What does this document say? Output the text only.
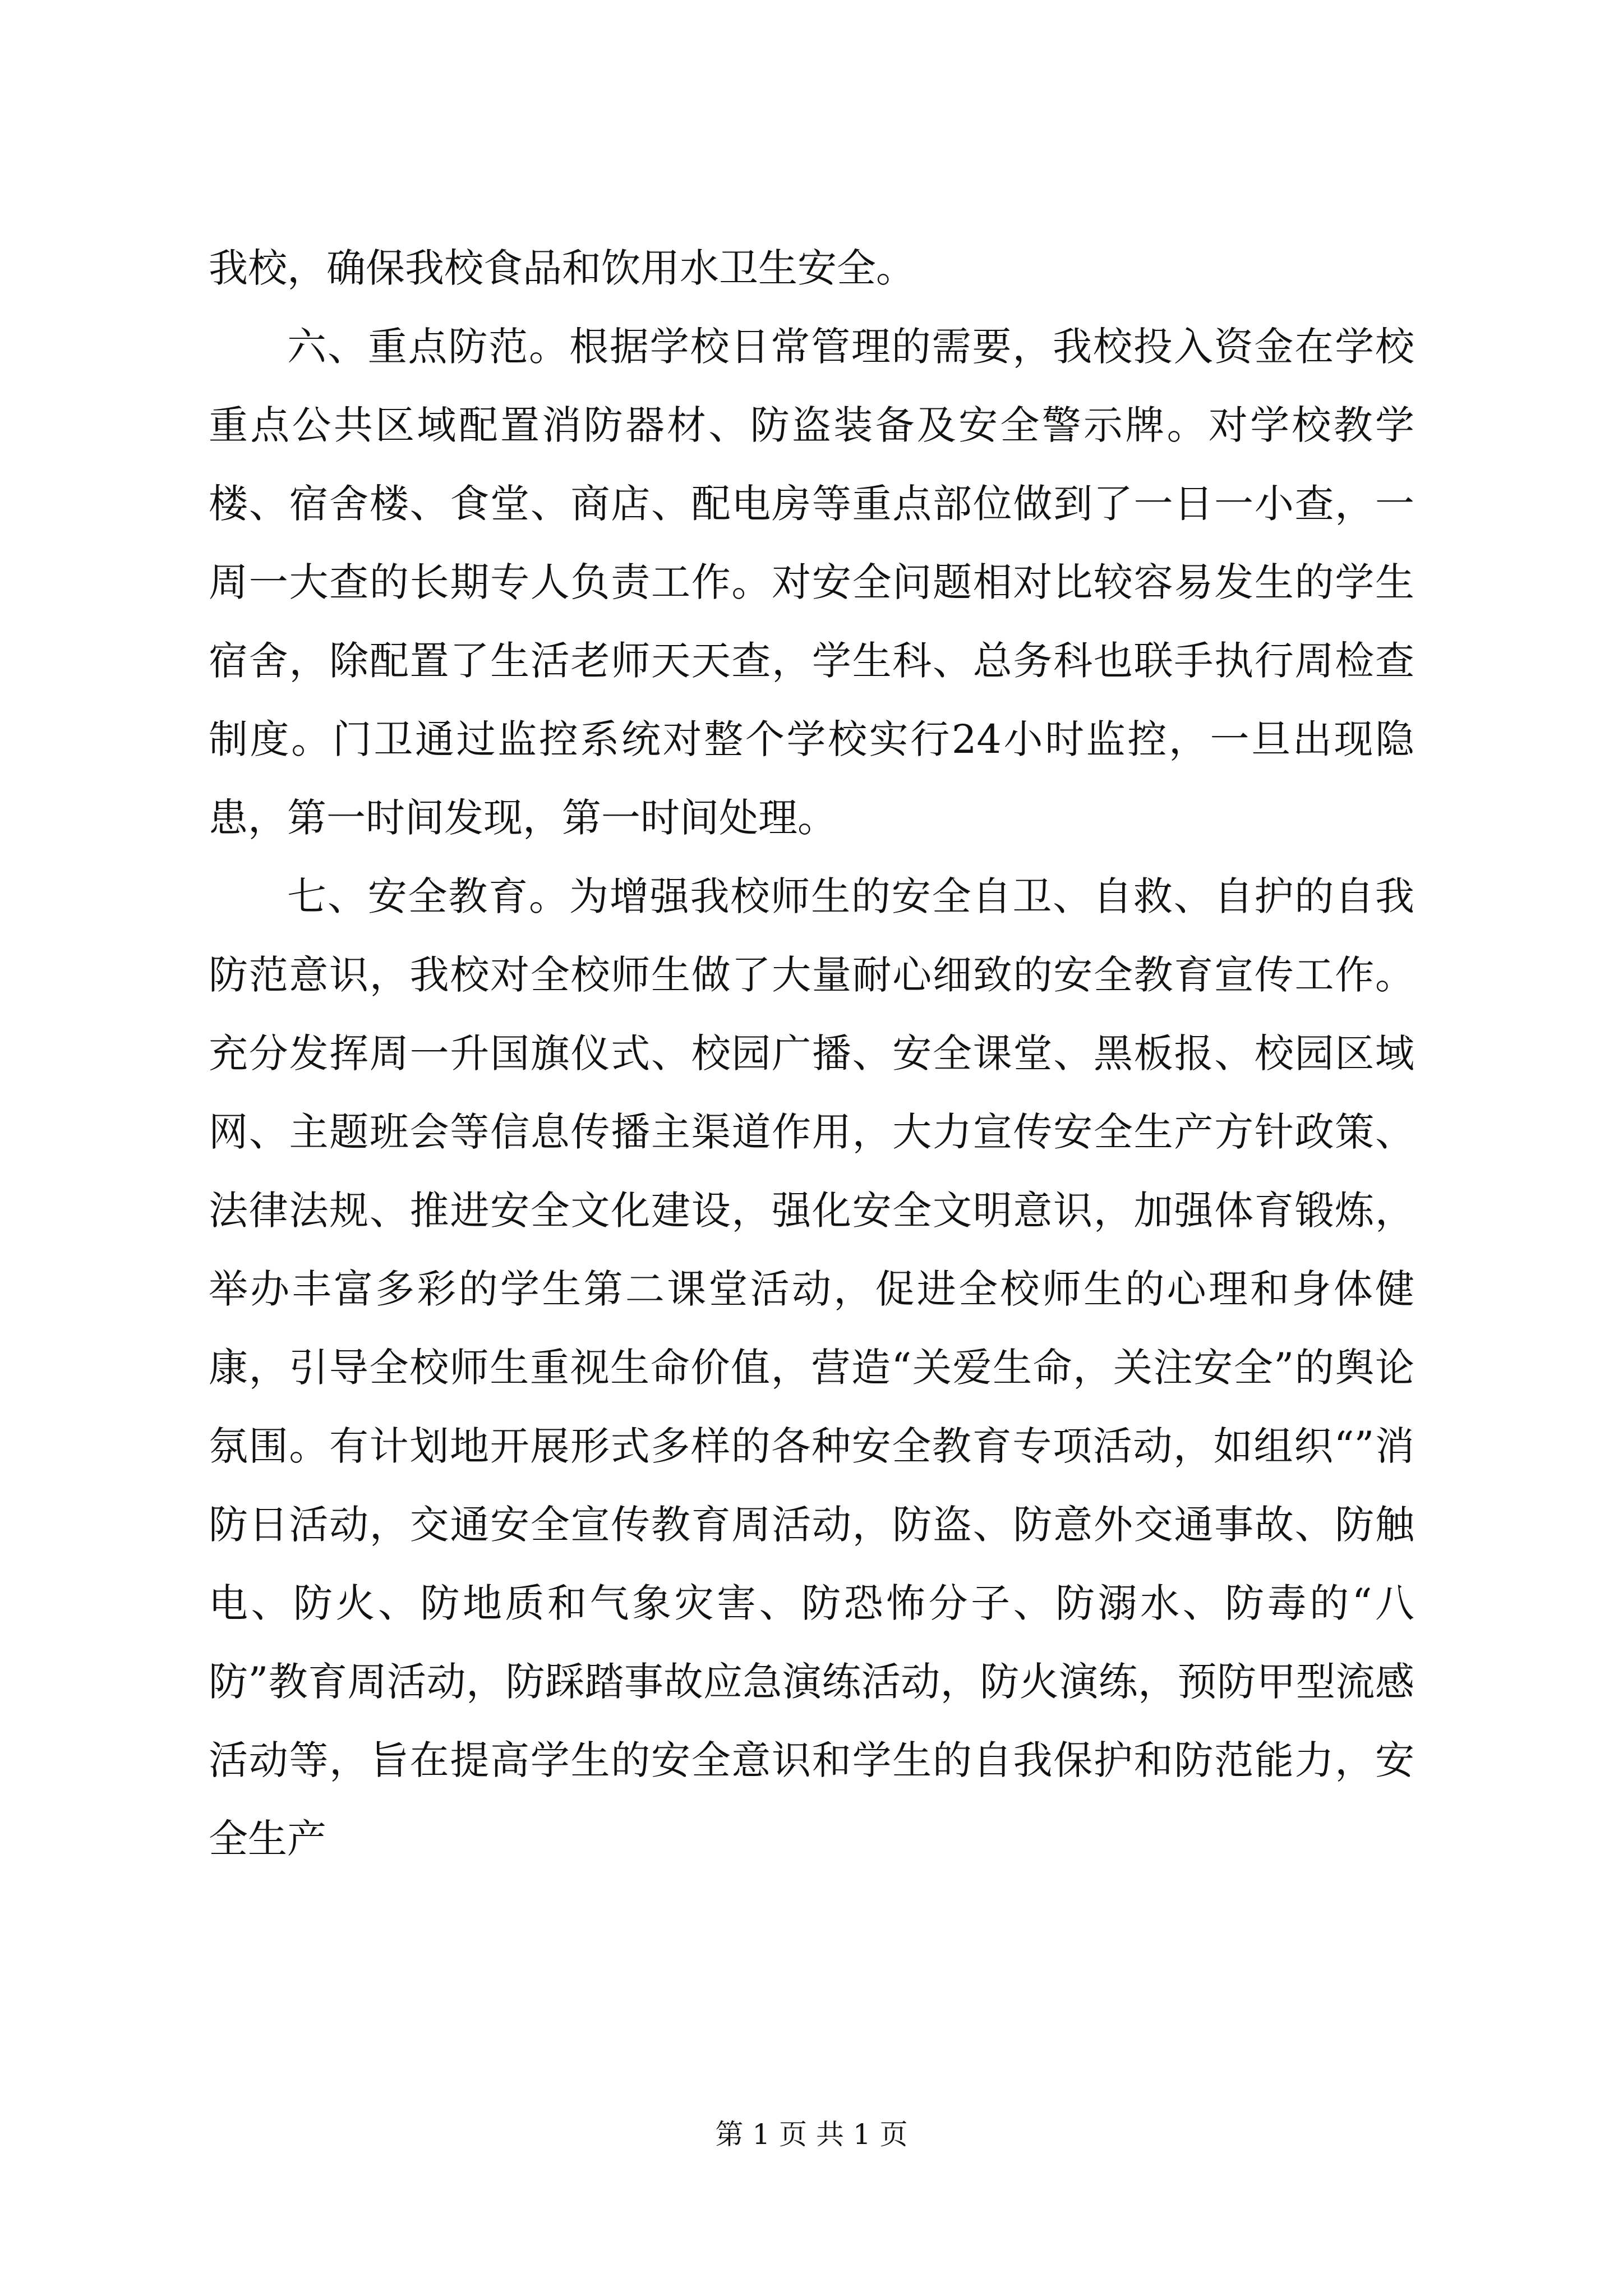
我校，确保我校食品和饮用水卫生安全。

六、重点防范。根据学校日常管理的需要，我校投入资金在学校重点公共区域配置消防器材、防盗装备及安全警示牌。对学校教学楼、宿舍楼、食堂、商店、配电房等重点部位做到了一日一小查，一周一大查的长期专人负责工作。对安全问题相对比较容易发生的学生宿舍，除配置了生活老师天天查，学生科、总务科也联手执行周检查制度。门卫通过监控系统对整个学校实行24小时监控，一旦出现隐患，第一时间发现，第一时间处理。

七、安全教育。为增强我校师生的安全自卫、自救、自护的自我防范意识，我校对全校师生做了大量耐心细致的安全教育宣传工作。充分发挥周一升国旗仪式、校园广播、安全课堂、黑板报、校园区域网、主题班会等信息传播主渠道作用，大力宣传安全生产方针政策、法律法规、推进安全文化建设，强化安全文明意识，加强体育锻炼，举办丰富多彩的学生第二课堂活动，促进全校师生的心理和身体健康，引导全校师生重视生命价值，营造“关爱生命，关注安全”的舆论氛围。有计划地开展形式多样的各种安全教育专项活动，如组织“”消防日活动，交通安全宣传教育周活动，防盗、防意外交通事故、防触电、防火、防地质和气象灾害、防恐怖分子、防溺水、防毒的“八防”教育周活动，防踩踏事故应急演练活动，防火演练，预防甲型流感活动等，旨在提高学生的安全意识和学生的自我保护和防范能力，安全生产

第 1 页 共 1 页
